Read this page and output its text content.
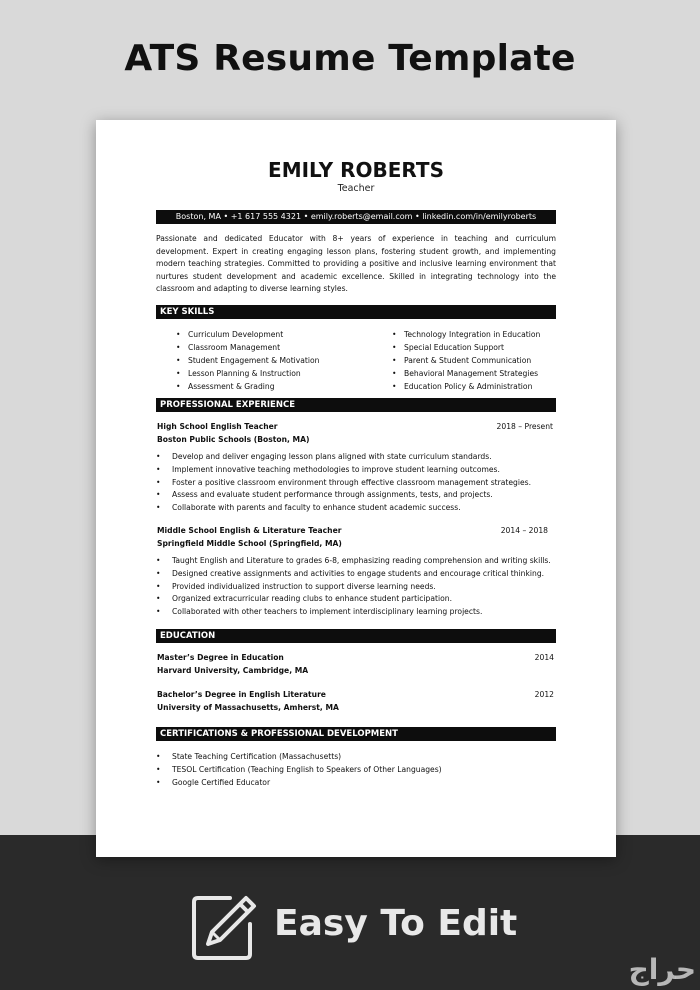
ATS Resume Template
EMILY ROBERTS
Teacher
Boston, MA • +1 617 555 4321 • emily.roberts@email.com • linkedin.com/in/emilyroberts

Passionate and dedicated Educator with 8+ years of experience in teaching and curriculum development. Expert in creating engaging lesson plans, fostering student growth, and implementing modern teaching strategies. Committed to providing a positive and inclusive learning environment that nurtures student development and academic excellence. Skilled in integrating technology into the classroom and adapting to diverse learning styles.

KEY SKILLS
• Curriculum Development
• Classroom Management
• Student Engagement & Motivation
• Lesson Planning & Instruction
• Assessment & Grading
• Technology Integration in Education
• Special Education Support
• Parent & Student Communication
• Behavioral Management Strategies
• Education Policy & Administration
PROFESSIONAL EXPERIENCE
High School English Teacher	2018 – Present
Boston Public Schools (Boston, MA)
• Develop and deliver engaging lesson plans aligned with state curriculum standards.
• Implement innovative teaching methodologies to improve student learning outcomes.
• Foster a positive classroom environment through effective classroom management strategies.
• Assess and evaluate student performance through assignments, tests, and projects.
• Collaborate with parents and faculty to enhance student academic success.
Middle School English & Literature Teacher	2014 – 2018
Springfield Middle School (Springfield, MA)
• Taught English and Literature to grades 6-8, emphasizing reading comprehension and writing skills.
• Designed creative assignments and activities to engage students and encourage critical thinking.
• Provided individualized instruction to support diverse learning needs.
• Organized extracurricular reading clubs to enhance student participation.
• Collaborated with other teachers to implement interdisciplinary learning projects.
EDUCATION
Master’s Degree in Education	2014
Harvard University, Cambridge, MA
Bachelor’s Degree in English Literature	2012
University of Massachusetts, Amherst, MA
CERTIFICATIONS & PROFESSIONAL DEVELOPMENT
• State Teaching Certification (Massachusetts)
• TESOL Certification (Teaching English to Speakers of Other Languages)
• Google Certified Educator
Easy To Edit
حراج
